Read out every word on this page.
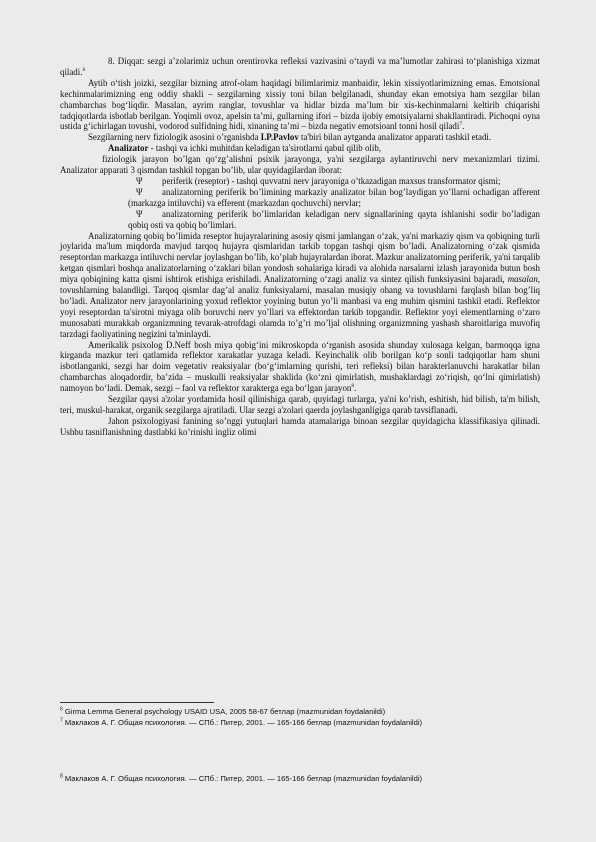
8. Diqqat: sezgi a’zolarimiz uchun orentirovka refleksi vazivasini o‘taydi va ma’lumotlar zahirasi to‘planishiga xizmat qiladi.$^6$

Aytib o‘tish joizki, sezgilar bizning atrof-olam haqidagi bilimlarimiz manbaidir, lekin xissiyotlarimizning emas. Emotsional kechinmalarimizning eng oddiy shakli – sezgilarning xissiy toni bilan belgilanadi, shunday ekan emotsiya ham sezgilar bilan chambarchas bog‘liqdir. Masalan, ayrim ranglar, tovushlar va hidlar bizda ma’lum bir xis-kechinmalarni keltirib chiqarishi tadqiqotlarda isbotlab berilgan. Yoqimli ovoz, apelsin ta’mi, gullarning ifori – bizda ijobiy emotsiyalarni shakllantiradi. Pichoqni oyna ustida g‘ichirlagan tovushi, vodorod sulfidning hidi, xinaning ta’mi – bizda negativ emotsioanl tonni hosil qiladi$^7$.

Sezgilarning nerv fiziologik asosini o’rganishda I.P.Pavlov ta'biri bilan aytganda analizator apparati tashkil etadi.

Analizator - tashqi va ichki muhitdan keladigan ta'sirotlarni qabul qilib olib,

fiziologik jarayon bo’lgan qo‘zg’alishni psixik jarayonga, ya'ni sezgilarga aylantiruvchi nerv mexanizmlari tizimi. Analizator apparati 3 qismdan tashkil topgan bo’lib, ular quyidagilardan iborat:

Ψ periferik (reseptor) - tashqi quvvatni nerv jarayoniga o’tkazadigan maxsus transformator qismi;

Ψ analizatorning periferik bo’limining markaziy analizator bilan bog’laydigan yo’llarni ochadigan afferent (markazga intiluvchi) va efferent (markazdan qochuvchi) nervlar;

Ψ analizatorning periferik bo’limlaridan keladigan nerv signallarining qayta ishlanishi sodir bo’ladigan qobiq osti va qobiq bo’limlari.

Analizatorning qobiq bo’limida reseptor hujayralarining asosiy qismi jamlangan o‘zak, ya'ni markaziy qism va qobiqning turli joylarida ma'lum miqdorda mavjud tarqoq hujayra qismlaridan tarkib topgan tashqi qism bo’ladi. Analizatorning o‘zak qismida reseptordan markazga intiluvchi nervlar joylashgan bo’lib, ko’plab hujayralardan iborat. Mazkur analizatorning periferik, ya'ni tarqalib ketgan qismlari boshqa analizatorlarning o‘zaklari bilan yondosh sohalariga kiradi va alohida narsalarni izlash jarayonida butun bosh miya qobiqining katta qismi ishtirok etishiga erishiladi. Analizatorning o‘zagi analiz va sintez qilish funksiyasini bajaradi, masalan, tovushlarning balandligi. Tarqoq qismlar dag’al analiz funksiyalarni, masalan musiqiy ohang va tovushlarni farqlash bilan bog’liq bo’ladi. Analizator nerv jarayonlarining yoxud reflektor yoyining butun yo’li manbasi va eng muhim qismini tashkil etadi. Reflektor yoyi reseptordan ta'sirotni miyaga olib boruvchi nerv yo’llari va effektordan tarkib topgandir. Reflektor yoyi elementlarning o‘zaro munosabati murakkab organizmning tevarak-atrofdagi olamda to’g’ri mo’ljal olishning organizmning yashash sharoitlariga muvofiq tarzdagi faoliyatining negizini ta'minlaydi.

Amerikalik psixolog D.Neff bosh miya qobig‘ini mikroskopda o‘rganish asosida shunday xulosaga kelgan, barmoqqa igna kirganda mazkur teri qatlamida reflektor xarakatlar yuzaga keladi. Keyinchalik olib borilgan ko‘p sonli tadqiqotlar ham shuni isbotlanganki, sezgi har doim vegetativ reaksiyalar (bo‘g‘imlarning qurishi, teri refleksi) bilan harakterlanuvchi harakatlar bilan chambarchas aloqadordir, ba’zida – muskulli reaksiyalar shaklida (ko‘zni qimirlatish, mushaklardagi zo‘riqish, qo‘lni qimirlatish) namoyon bo‘ladi. Demak, sezgi – faol va reflektor xarakterga ega bo‘lgan jarayon$^8$.

Sezgilar qaysi a'zolar yordamida hosil qilinishiga qarab, quyidagi turlarga, ya'ni ko’rish, eshitish, hid bilish, ta'm bilish, teri, muskul-harakat, organik sezgilarga ajratiladi. Ular sezgi a'zolari qaerda joylashganligiga qarab tavsiflanadi.

Jahon psixologiyasi fanining so’nggi yutuqlari hamda atamalariga binoan sezgilar quyidagicha klassifikasiya qilinadi. Ushbu tasniflanishning dastlabki ko’rinishi ingliz olimi

$^6$ Girma Lemma General psychology USAID USA, 2005 58-67 бетлар (mazmunidan foydalanildi)
$^7$ Маклаков А. Г. Общая психология. — СПб.: Питер, 2001. — 165-166 бетлар (mazmunidan foydalanildi)
$^8$ Маклаков А. Г. Общая психология. — СПб.: Питер, 2001. — 165-166 бетлар (mazmunidan foydalanildi)
